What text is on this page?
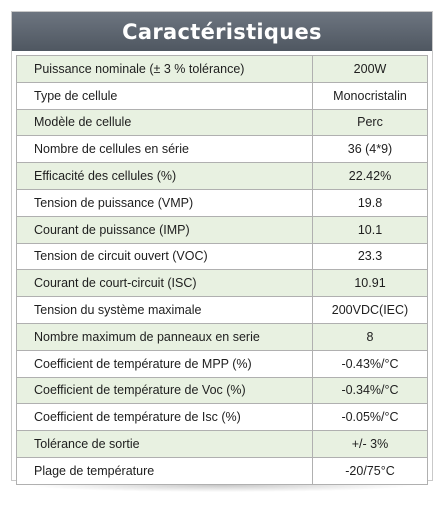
Caractéristiques
Puissance nominale (± 3 % tolérance)	200W
Type de cellule	Monocristalin
Modèle de cellule	Perc
Nombre de cellules en série	36 (4*9)
Efficacité des cellules (%)	22.42%
Tension de puissance (VMP)	19.8
Courant de puissance (IMP)	10.1
Tension de circuit ouvert (VOC)	23.3
Courant de court-circuit (ISC)	10.91
Tension du système maximale	200VDC(IEC)
Nombre maximum de panneaux en serie	8
Coefficient de température de MPP (%)	-0.43%/°C
Coefficient de température de Voc (%)	-0.34%/°C
Coefficient de température de Isc (%)	-0.05%/°C
Tolérance de sortie	+/- 3%
Plage de température	-20/75°C
